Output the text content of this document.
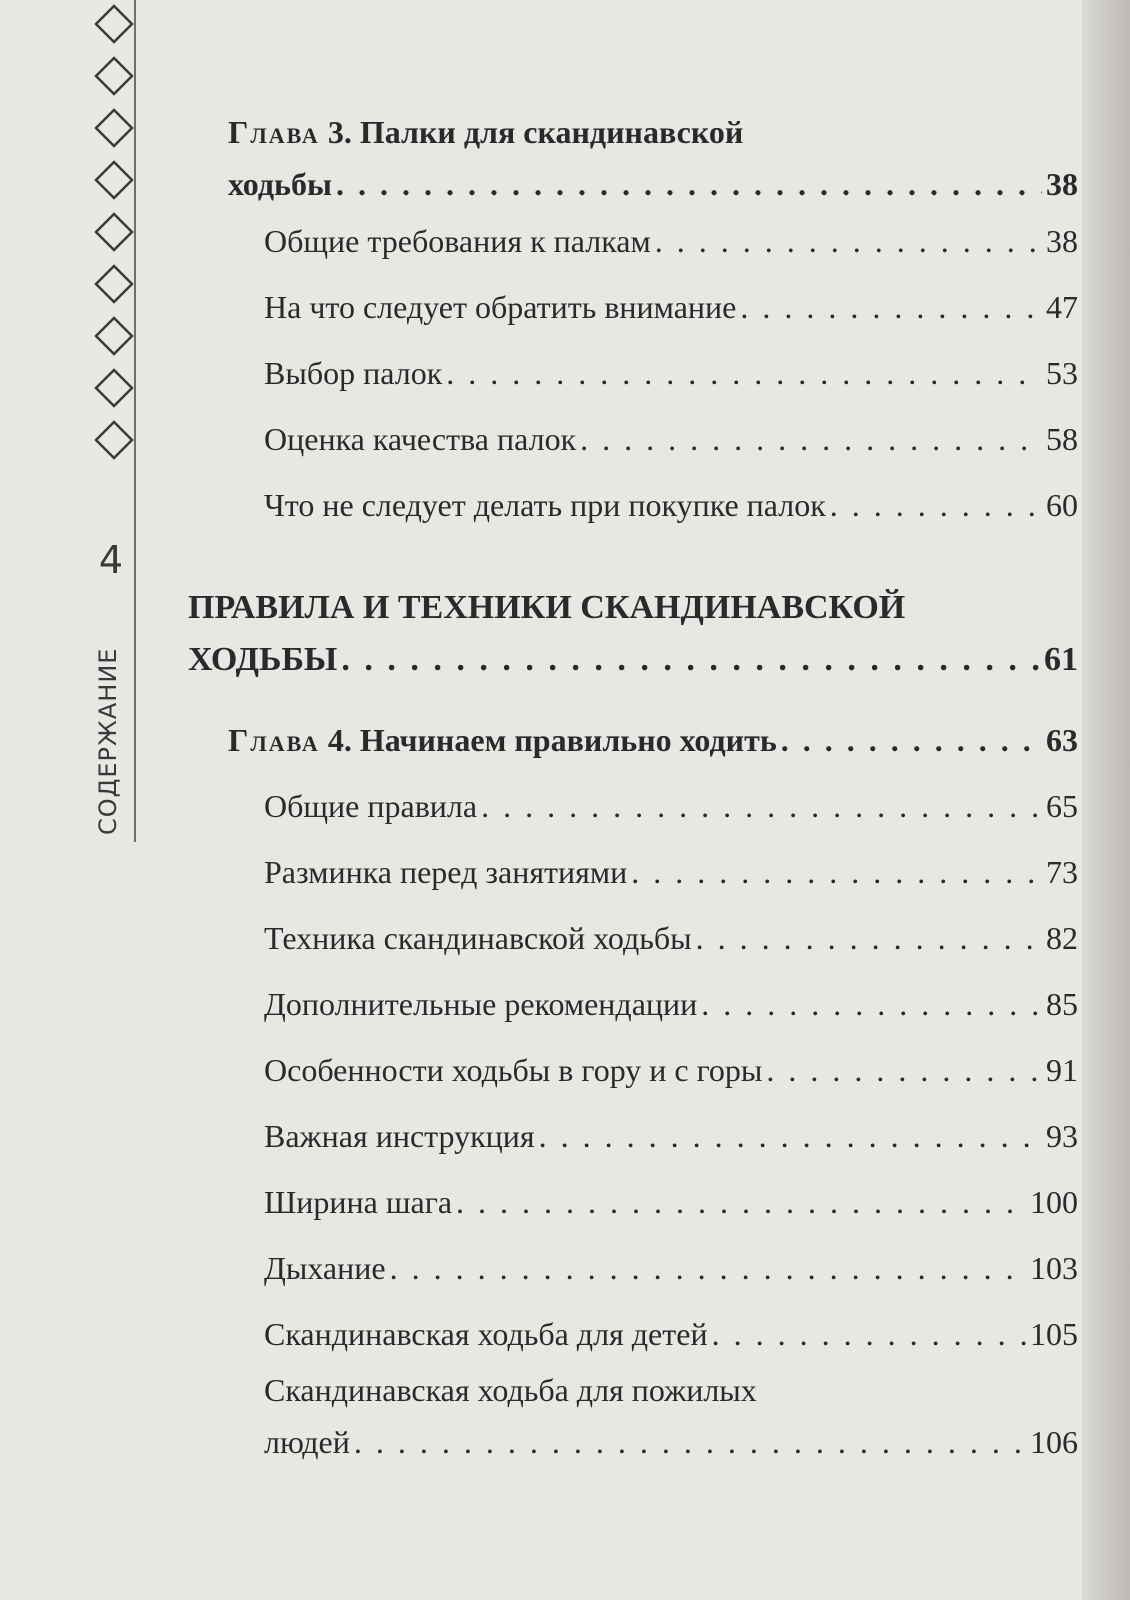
4
СОДЕРЖАНИЕ
Глава 3. Палки для скандинавской
ходьбы . . .	38
Общие требования к палкам . . .	38
На что следует обратить внимание . . .	47
Выбор палок . . .	53
Оценка качества палок . . .	58
Что не следует делать при покупке палок . . .	60
ПРАВИЛА И ТЕХНИКИ СКАНДИНАВСКОЙ
ХОДЬБЫ . . .	61
Глава 4. Начинаем правильно ходить . . .	63
Общие правила . . .	65
Разминка перед занятиями . . .	73
Техника скандинавской ходьбы . . .	82
Дополнительные рекомендации . . .	85
Особенности ходьбы в гору и с горы . . .	91
Важная инструкция . . .	93
Ширина шага . . .	100
Дыхание . . .	103
Скандинавская ходьба для детей . . .	105
Скандинавская ходьба для пожилых
людей . . .	106
